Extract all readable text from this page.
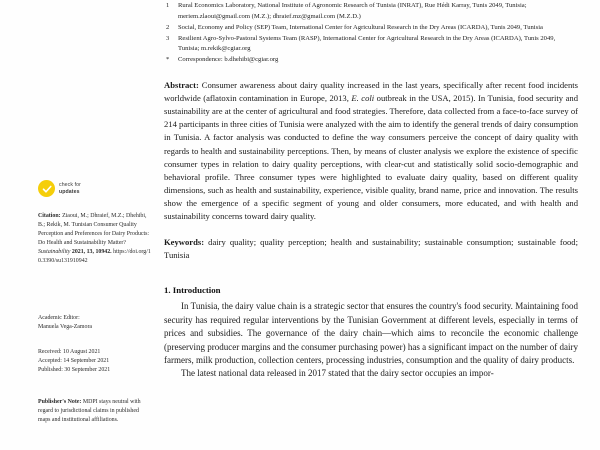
check for
updates
Citation: Ziaoui, M.; Dhraief, M.Z.; Dhehibi, B.; Rekik, M. Tunisian Consumer Quality Perception and Preferences for Dairy Products: Do Health and Sustainability Matter? Sustainability 2021, 13, 10942. https://doi.org/10.3390/su131910942
Academic Editor:
Manuela Vega-Zamora
Received: 10 August 2021
Accepted: 14 September 2021
Published: 30 September 2021
Publisher's Note: MDPI stays neutral with regard to jurisdictional claims in published maps and institutional affiliations.
1	Rural Economics Laboratory, National Institute of Agronomic Research of Tunisia (INRAT), Rue Hédi Karray, Tunis 2049, Tunisia; meriem.zlaoui@gmail.com (M.Z.); dhraief.mz@gmail.com (M.Z.D.)
2	Social, Economy and Policy (SEP) Team, International Center for Agricultural Research in the Dry Areas (ICARDA), Tunis 2049, Tunisia
3	Resilient Agro-Sylvo-Pastoral Systems Team (RASP), International Center for Agricultural Research in the Dry Areas (ICARDA), Tunis 2049, Tunisia; m.rekik@cgiar.org
*	Correspondence: b.dhehibi@cgiar.org
Abstract: Consumer awareness about dairy quality increased in the last years, specifically after recent food incidents worldwide (aflatoxin contamination in Europe, 2013, E. coli outbreak in the USA, 2015). In Tunisia, food security and sustainability are at the center of agricultural and food strategies. Therefore, data collected from a face-to-face survey of 214 participants in three cities of Tunisia were analyzed with the aim to identify the general trends of dairy consumption in Tunisia. A factor analysis was conducted to define the way consumers perceive the concept of dairy quality with regards to health and sustainability perceptions. Then, by means of cluster analysis we explore the existence of specific consumer types in relation to dairy quality perceptions, with clear-cut and statistically solid socio-demographic and behavioral profile. Three consumer types were highlighted to evaluate dairy quality, based on different quality dimensions, such as health and sustainability, experience, visible quality, brand name, price and innovation. The results show the emergence of a specific segment of young and older consumers, more educated, and with health and sustainability concerns toward dairy quality.
Keywords: dairy quality; quality perception; health and sustainability; sustainable consumption; sustainable food; Tunisia
1. Introduction
In Tunisia, the dairy value chain is a strategic sector that ensures the country's food security. Maintaining food security has required regular interventions by the Tunisian Government at different levels, especially in terms of prices and subsidies. The governance of the dairy chain—which aims to reconcile the economic challenge (preserving producer margins and the consumer purchasing power) has a significant impact on the number of dairy farmers, milk production, collection centers, processing industries, consumption and the quality of dairy products.
The latest national data released in 2017 stated that the dairy sector occupies an impor-
